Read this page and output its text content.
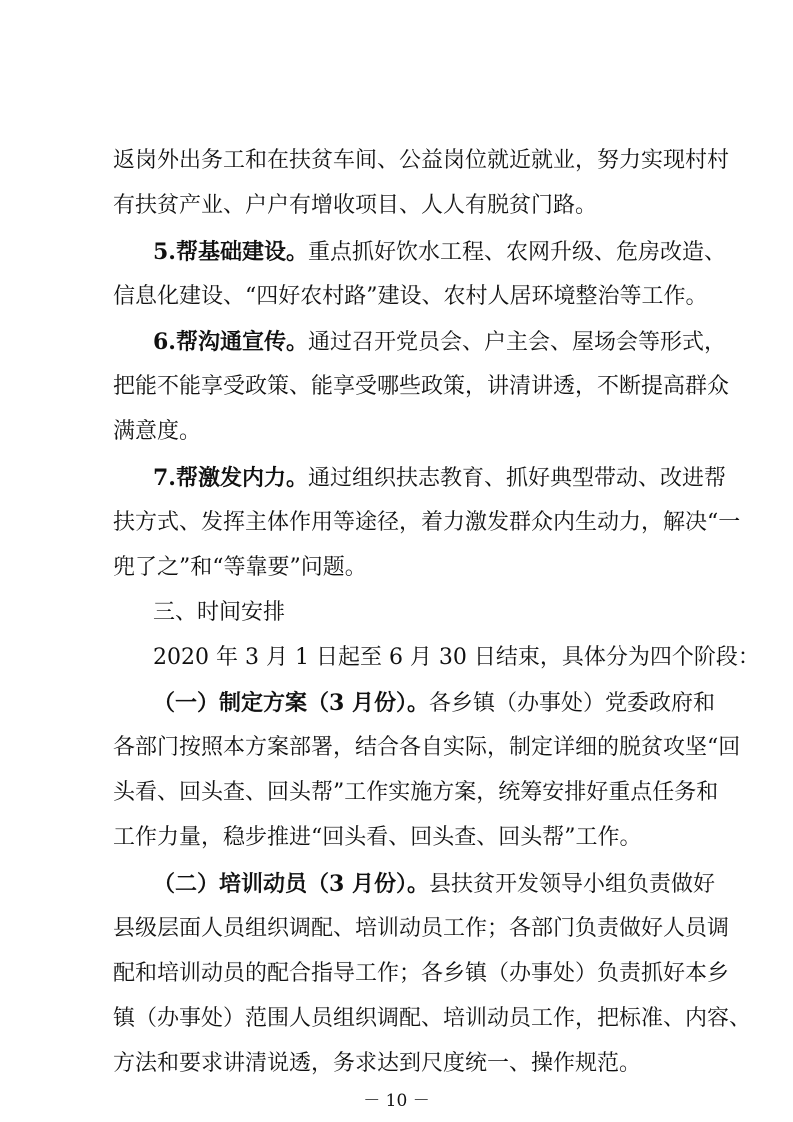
返岗外出务工和在扶贫车间、公益岗位就近就业，努力实现村村
有扶贫产业、户户有增收项目、人人有脱贫门路。
5.帮基础建设。重点抓好饮水工程、农网升级、危房改造、
信息化建设、“四好农村路”建设、农村人居环境整治等工作。
6.帮沟通宣传。通过召开党员会、户主会、屋场会等形式，
把能不能享受政策、能享受哪些政策，讲清讲透，不断提高群众
满意度。
7.帮激发内力。通过组织扶志教育、抓好典型带动、改进帮
扶方式、发挥主体作用等途径，着力激发群众内生动力，解决“一
兜了之”和“等靠要”问题。
三、时间安排
2020 年 3 月 1 日起至 6 月 30 日结束，具体分为四个阶段：
（一）制定方案（3 月份）。各乡镇（办事处）党委政府和
各部门按照本方案部署，结合各自实际，制定详细的脱贫攻坚“回
头看、回头查、回头帮”工作实施方案，统筹安排好重点任务和
工作力量，稳步推进“回头看、回头查、回头帮”工作。
（二）培训动员（3 月份）。县扶贫开发领导小组负责做好
县级层面人员组织调配、培训动员工作；各部门负责做好人员调
配和培训动员的配合指导工作；各乡镇（办事处）负责抓好本乡
镇（办事处）范围人员组织调配、培训动员工作，把标准、内容、
方法和要求讲清说透，务求达到尺度统一、操作规范。
－ 10 －
